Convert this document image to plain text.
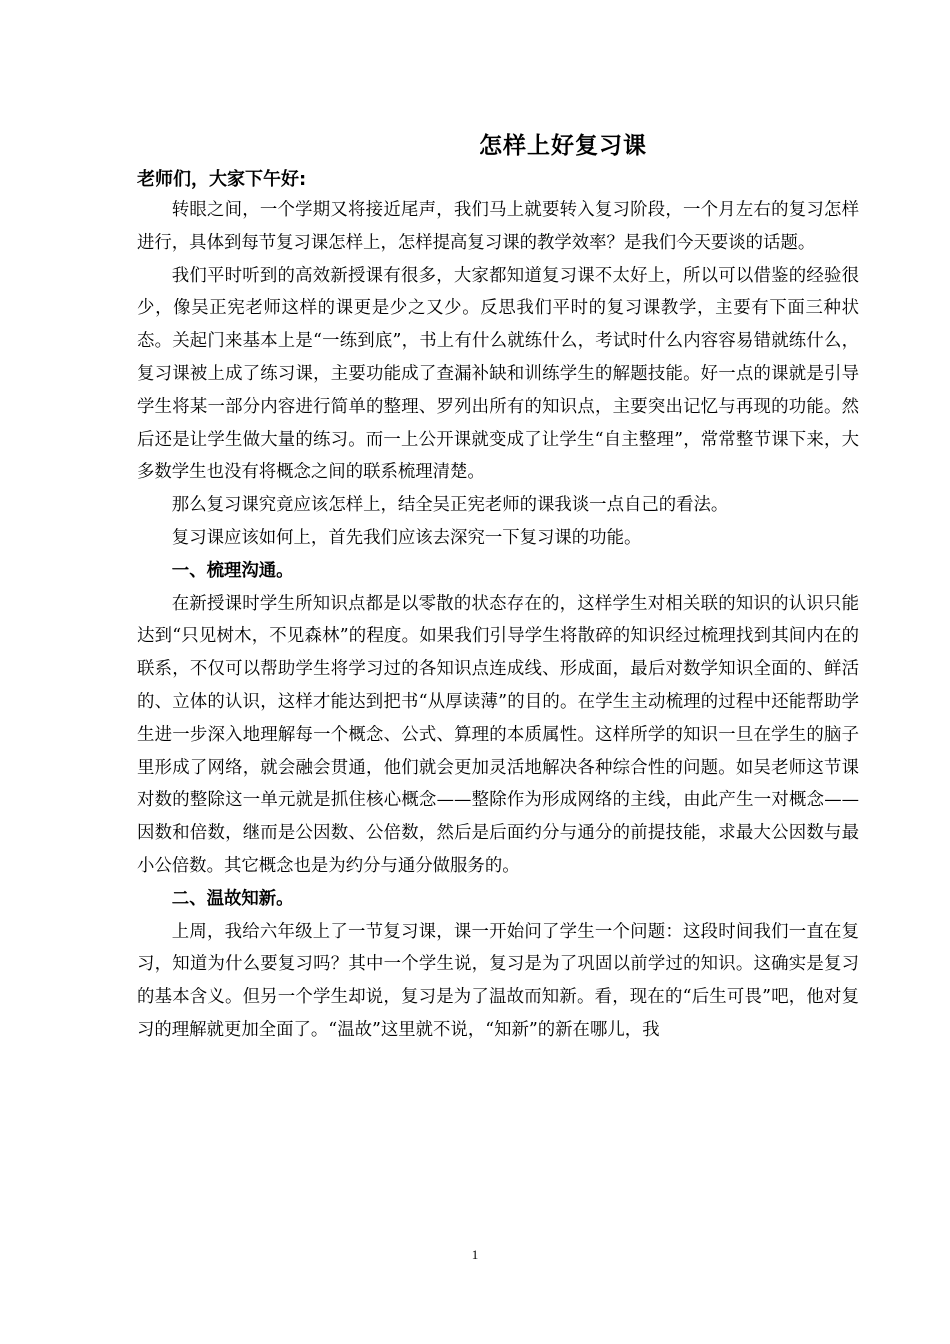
怎样上好复习课
老师们，大家下午好:

转眼之间，一个学期又将接近尾声，我们马上就要转入复习阶段，一个月左右的复习怎样进行，具体到每节复习课怎样上，怎样提高复习课的教学效率？是我们今天要谈的话题。

我们平时听到的高效新授课有很多，大家都知道复习课不太好上，所以可以借鉴的经验很少，像吴正宪老师这样的课更是少之又少。反思我们平时的复习课教学，主要有下面三种状态。关起门来基本上是“一练到底”，书上有什么就练什么，考试时什么内容容易错就练什么，复习课被上成了练习课，主要功能成了查漏补缺和训练学生的解题技能。好一点的课就是引导学生将某一部分内容进行简单的整理、罗列出所有的知识点，主要突出记忆与再现的功能。然后还是让学生做大量的练习。而一上公开课就变成了让学生“自主整理”，常常整节课下来，大多数学生也没有将概念之间的联系梳理清楚。

那么复习课究竟应该怎样上，结全吴正宪老师的课我谈一点自己的看法。

复习课应该如何上，首先我们应该去深究一下复习课的功能。

一、梳理沟通。

在新授课时学生所知识点都是以零散的状态存在的，这样学生对相关联的知识的认识只能达到“只见树木，不见森林”的程度。如果我们引导学生将散碎的知识经过梳理找到其间内在的联系，不仅可以帮助学生将学习过的各知识点连成线、形成面，最后对数学知识全面的、鲜活的、立体的认识，这样才能达到把书“从厚读薄”的目的。在学生主动梳理的过程中还能帮助学生进一步深入地理解每一个概念、公式、算理的本质属性。这样所学的知识一旦在学生的脑子里形成了网络，就会融会贯通，他们就会更加灵活地解决各种综合性的问题。如吴老师这节课对数的整除这一单元就是抓住核心概念——整除作为形成网络的主线，由此产生一对概念——因数和倍数，继而是公因数、公倍数，然后是后面约分与通分的前提技能，求最大公因数与最小公倍数。其它概念也是为约分与通分做服务的。

二、温故知新。

上周，我给六年级上了一节复习课，课一开始问了学生一个问题：这段时间我们一直在复习，知道为什么要复习吗？其中一个学生说，复习是为了巩固以前学过的知识。这确实是复习的基本含义。但另一个学生却说，复习是为了温故而知新。看，现在的“后生可畏”吧，他对复习的理解就更加全面了。“温故”这里就不说，“知新”的新在哪儿，我

1
